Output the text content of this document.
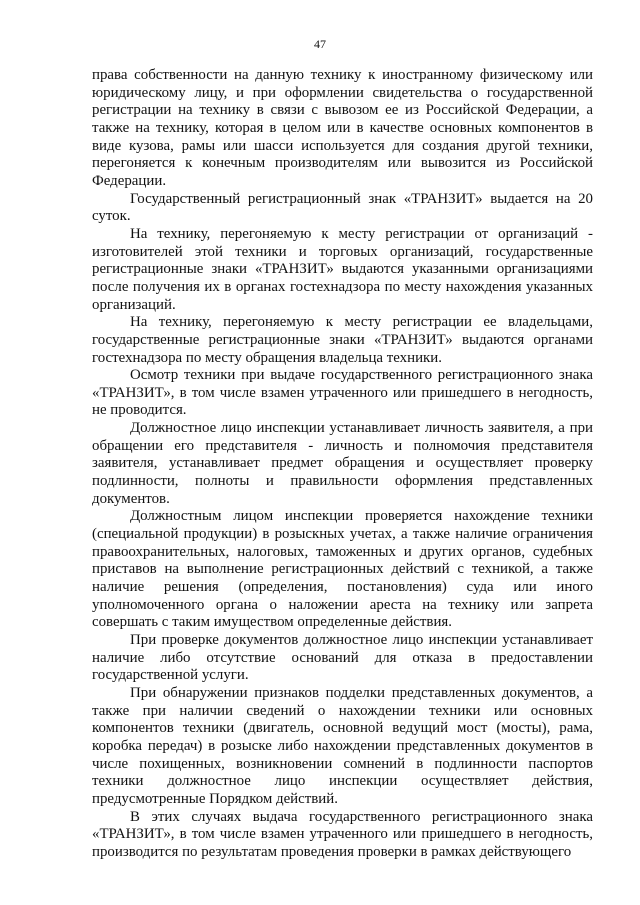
47

права собственности на данную технику к иностранному физическому или юридическому лицу, и при оформлении свидетельства о государственной регистрации на технику в связи с вывозом ее из Российской Федерации, а также на технику, которая в целом или в качестве основных компонентов в виде кузова, рамы или шасси используется для создания другой техники, перегоняется к конечным производителям или вывозится из Российской Федерации.

Государственный регистрационный знак «ТРАНЗИТ» выдается на 20 суток.

На технику, перегоняемую к месту регистрации от организаций - изготовителей этой техники и торговых организаций, государственные регистрационные знаки «ТРАНЗИТ» выдаются указанными организациями после получения их в органах гостехнадзора по месту нахождения указанных организаций.

На технику, перегоняемую к месту регистрации ее владельцами, государственные регистрационные знаки «ТРАНЗИТ» выдаются органами гостехнадзора по месту обращения владельца техники.

Осмотр техники при выдаче государственного регистрационного знака «ТРАНЗИТ», в том числе взамен утраченного или пришедшего в негодность, не проводится.

Должностное лицо инспекции устанавливает личность заявителя, а при обращении его представителя - личность и полномочия представителя заявителя, устанавливает предмет обращения и осуществляет проверку подлинности, полноты и правильности оформления представленных документов.

Должностным лицом инспекции проверяется нахождение техники (специальной продукции) в розыскных учетах, а также наличие ограничения правоохранительных, налоговых, таможенных и других органов, судебных приставов на выполнение регистрационных действий с техникой, а также наличие решения (определения, постановления) суда или иного уполномоченного органа о наложении ареста на технику или запрета совершать с таким имуществом определенные действия.

При проверке документов должностное лицо инспекции устанавливает наличие либо отсутствие оснований для отказа в предоставлении государственной услуги.

При обнаружении признаков подделки представленных документов, а также при наличии сведений о нахождении техники или основных компонентов техники (двигатель, основной ведущий мост (мосты), рама, коробка передач) в розыске либо нахождении представленных документов в числе похищенных, возникновении сомнений в подлинности паспортов техники должностное лицо инспекции осуществляет действия, предусмотренные Порядком действий.

В этих случаях выдача государственного регистрационного знака «ТРАНЗИТ», в том числе взамен утраченного или пришедшего в негодность, производится по результатам проведения проверки в рамках действующего
